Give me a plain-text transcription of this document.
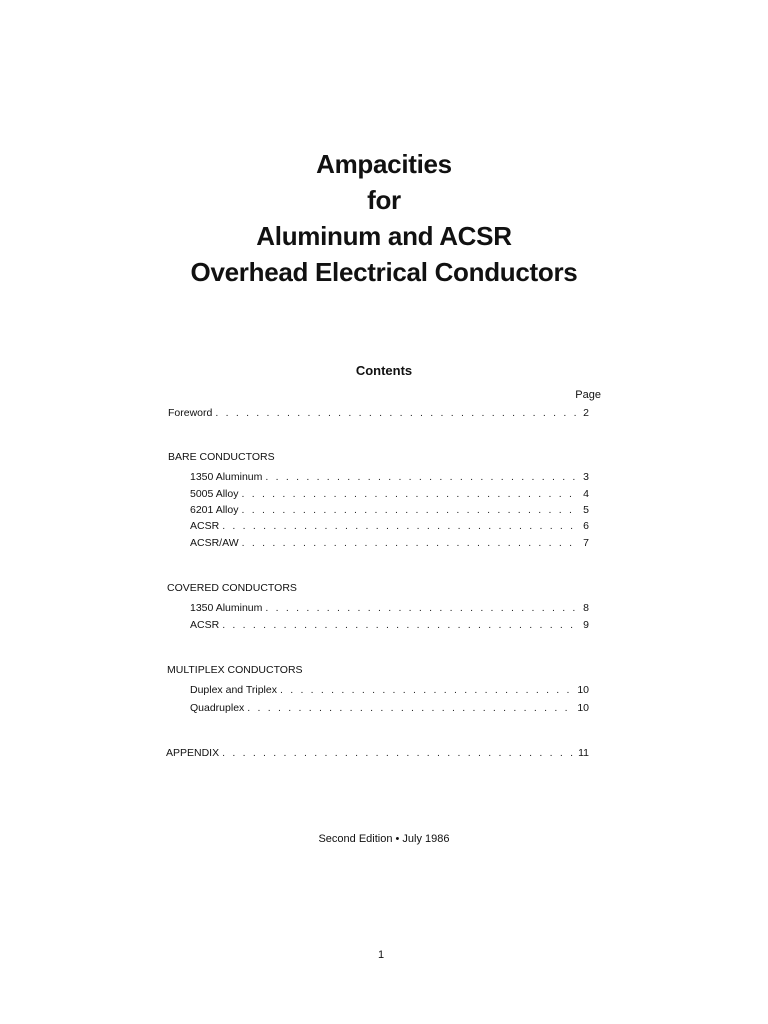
Ampacities
for
Aluminum and ACSR
Overhead Electrical Conductors
Contents
Page
Foreword . . .	2
BARE CONDUCTORS
1350 Aluminum . . .	3
5005 Alloy . . .	4
6201 Alloy . . .	5
ACSR . . .	6
ACSR/AW . . .	7
COVERED CONDUCTORS
1350 Aluminum . . .	8
ACSR . . .	9
MULTIPLEX CONDUCTORS
Duplex and Triplex . . .	10
Quadruplex . . .	10
APPENDIX . . .	11
Second Edition • July 1986
1
